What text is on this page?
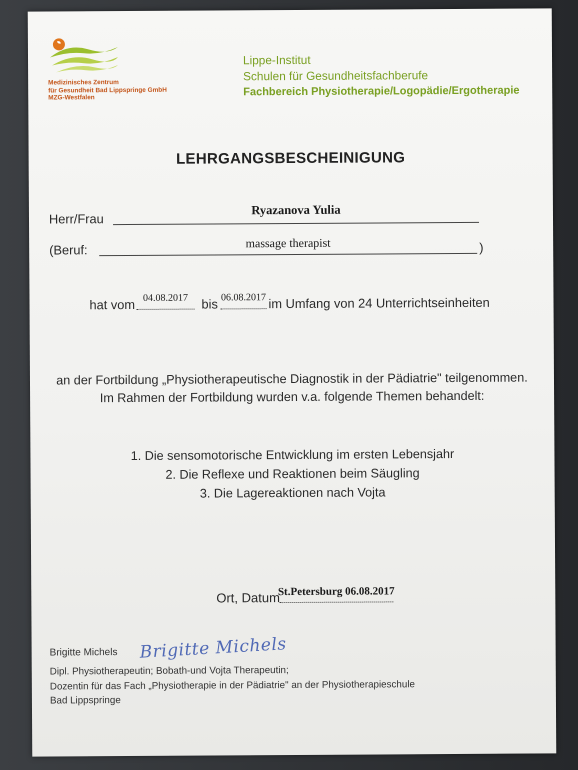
Medizinisches Zentrum
für Gesundheit Bad Lippspringe GmbH
MZG-Westfalen
Lippe-Institut
Schulen für Gesundheitsfachberufe
Fachbereich Physiotherapie/Logopädie/Ergotherapie
LEHRGANGSBESCHEINIGUNG
Herr/Frau
Ryazanova Yulia
(Beruf:	massage therapist	)
hat vom 04.08.2017	bis 06.08.2017 im Umfang von 24 Unterrichtseinheiten
an der Fortbildung „Physiotherapeutische Diagnostik in der Pädiatrie" teilgenommen.
Im Rahmen der Fortbildung wurden v.a. folgende Themen behandelt:
1. Die sensomotorische Entwicklung im ersten Lebensjahr
2. Die Reflexe und Reaktionen beim Säugling
3. Die Lagereaktionen nach Vojta
Ort, Datum
St.Petersburg 06.08.2017
Brigitte Michels Brigitte Michels
Dipl. Physiotherapeutin; Bobath-und Vojta Therapeutin;
Dozentin für das Fach „Physiotherapie in der Pädiatrie" an der Physiotherapieschule
Bad Lippspringe
